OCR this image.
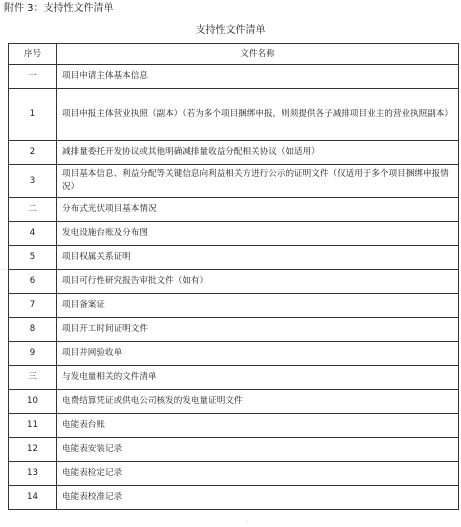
附件 3：支持性文件清单
支持性文件清单
序号	文件名称
一	项目申请主体基本信息
1	项目申报主体营业执照（副本）（若为多个项目捆绑申报，则须提供各子减排项目业主的营业执照副本）
2	减排量委托开发协议或其他明确减排量收益分配相关协议（如适用）
3	项目基本信息、利益分配等关键信息向利益相关方进行公示的证明文件（仅适用于多个项目捆绑申报情况）
二	分布式光伏项目基本情况
4	发电设施台账及分布图
5	项目权属关系证明
6	项目可行性研究报告审批文件（如有）
7	项目备案证
8	项目开工时间证明文件
9	项目并网验收单
三	与发电量相关的文件清单
10	电费结算凭证或供电公司核发的发电量证明文件
11	电能表台账
12	电能表安装记录
13	电能表检定记录
14	电能表校准记录
…
'
